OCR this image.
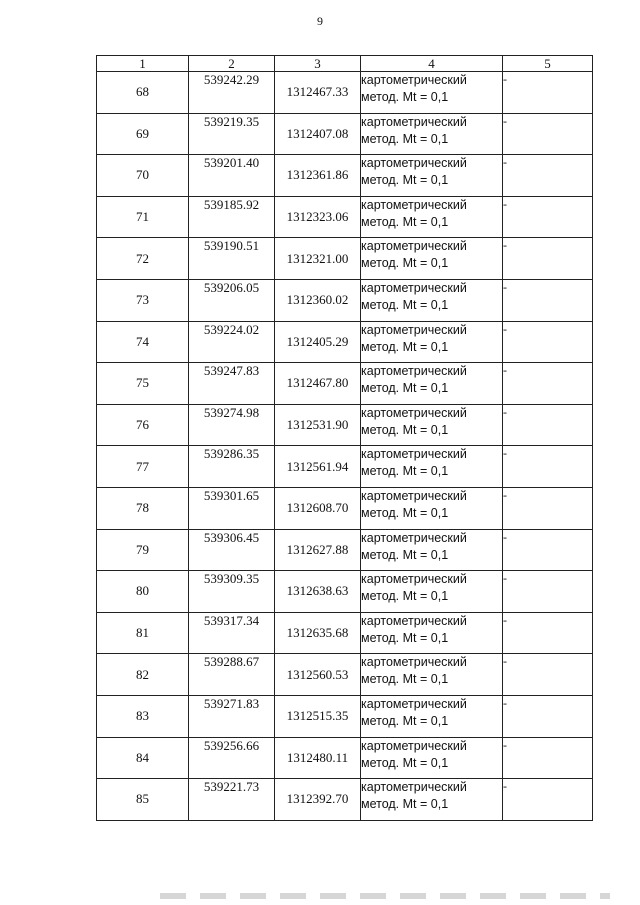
9
1	2	3	4	5
68	539242.29	1312467.33	картометрический
метод. Mt = 0,1	-
69	539219.35	1312407.08	картометрический
метод. Mt = 0,1	-
70	539201.40	1312361.86	картометрический
метод. Mt = 0,1	-
71	539185.92	1312323.06	картометрический
метод. Mt = 0,1	-
72	539190.51	1312321.00	картометрический
метод. Mt = 0,1	-
73	539206.05	1312360.02	картометрический
метод. Mt = 0,1	-
74	539224.02	1312405.29	картометрический
метод. Mt = 0,1	-
75	539247.83	1312467.80	картометрический
метод. Mt = 0,1	-
76	539274.98	1312531.90	картометрический
метод. Mt = 0,1	-
77	539286.35	1312561.94	картометрический
метод. Mt = 0,1	-
78	539301.65	1312608.70	картометрический
метод. Mt = 0,1	-
79	539306.45	1312627.88	картометрический
метод. Mt = 0,1	-
80	539309.35	1312638.63	картометрический
метод. Mt = 0,1	-
81	539317.34	1312635.68	картометрический
метод. Mt = 0,1	-
82	539288.67	1312560.53	картометрический
метод. Mt = 0,1	-
83	539271.83	1312515.35	картометрический
метод. Mt = 0,1	-
84	539256.66	1312480.11	картометрический
метод. Mt = 0,1	-
85	539221.73	1312392.70	картометрический
метод. Mt = 0,1	-
